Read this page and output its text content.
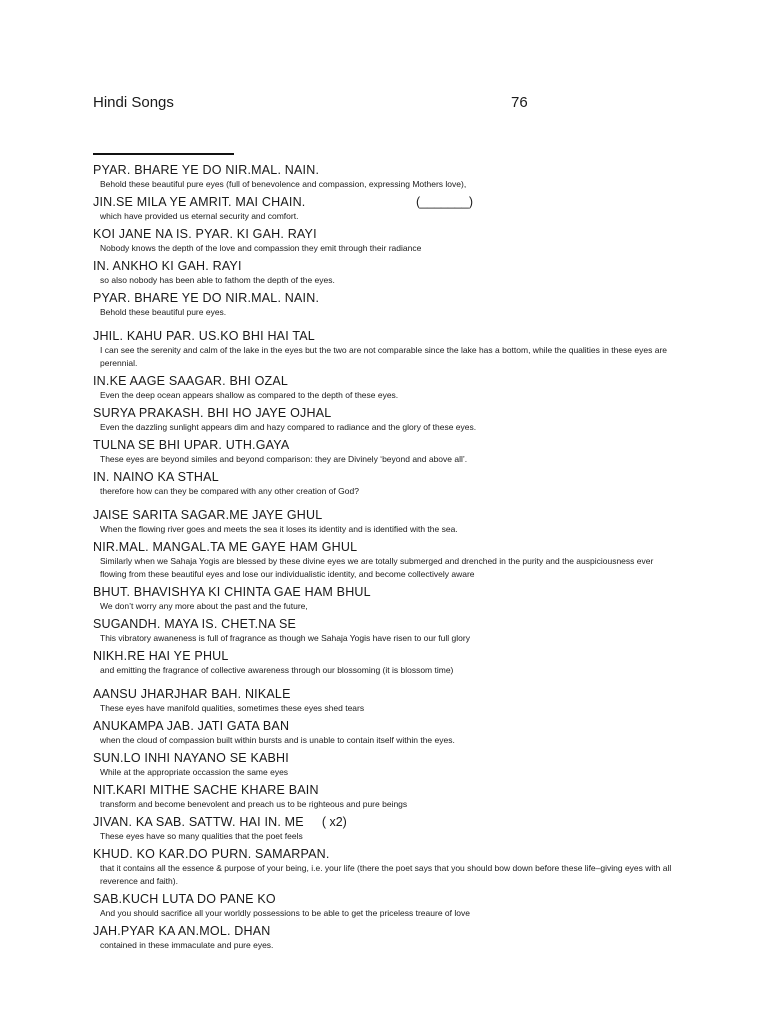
Hindi Songs	76
PYAR. BHARE YE DO NIR.MAL. NAIN.
Behold these beautiful pure eyes (full of benevolence and compassion, expressing Mothers love),
JIN.SE MILA YE AMRIT. MAI CHAIN.	(_______)
which have provided us eternal security and comfort.
KOI JANE NA IS. PYAR. KI GAH. RAYI
Nobody knows the depth of the love and compassion they emit through their radiance
IN. ANKHO KI GAH. RAYI
so also nobody has been able to fathom the depth of the eyes.
PYAR. BHARE YE DO NIR.MAL. NAIN.
Behold these beautiful pure eyes.
JHIL. KAHU PAR. US.KO BHI HAI TAL
I can see the serenity and calm of the lake in the eyes but the two are not comparable since the lake has a bottom, while the qualities in these eyes are perennial.
IN.KE AAGE SAAGAR. BHI OZAL
Even the deep ocean appears shallow as compared to the depth of these eyes.
SURYA PRAKASH. BHI HO JAYE OJHAL
Even the dazzling sunlight appears dim and hazy compared to radiance and the glory of these eyes.
TULNA SE BHI UPAR. UTH.GAYA
These eyes are beyond similes and beyond comparison: they are Divinely ‘beyond and above all’.
IN. NAINO KA STHAL
therefore how can they be compared with any other creation of God?
JAISE SARITA SAGAR.ME JAYE GHUL
When the flowing river goes and meets the sea it loses its identity and is identified with the sea.
NIR.MAL. MANGAL.TA ME GAYE HAM GHUL
Similarly when we Sahaja Yogis are blessed by these divine eyes we are totally submerged and drenched in the purity and the auspiciousness ever flowing from these beautiful eyes and lose our individualistic identity, and become collectively aware
BHUT. BHAVISHYA KI CHINTA GAE HAM BHUL
We don’t worry any more about the past and the future,
SUGANDH. MAYA IS. CHET.NA SE
This vibratory awaneness is full of fragrance as though we Sahaja Yogis have risen to our full glory
NIKH.RE HAI YE PHUL
and emitting the fragrance of collective awareness through our blossoming (it is blossom time)
AANSU JHARJHAR BAH. NIKALE
These eyes have manifold qualities, sometimes these eyes shed tears
ANUKAMPA JAB. JATI GATA BAN
when the cloud of compassion built within bursts and is unable to contain itself within the eyes.
SUN.LO INHI NAYANO SE KABHI
While at the appropriate occassion the same eyes
NIT.KARI MITHE SACHE KHARE BAIN
transform and become benevolent and preach us to be righteous and pure beings
JIVAN. KA SAB. SATTW. HAI IN. ME ( x2)
These eyes have so many qualities that the poet feels
KHUD. KO KAR.DO PURN. SAMARPAN.
that it contains all the essence & purpose of your being, i.e. your life (there the poet says that you should bow down before these life–giving eyes with all reverence and faith).
SAB.KUCH LUTA DO PANE KO
And you should sacrifice all your worldly possessions to be able to get the priceless treaure of love
JAH.PYAR KA AN.MOL. DHAN
contained in these immaculate and pure eyes.
